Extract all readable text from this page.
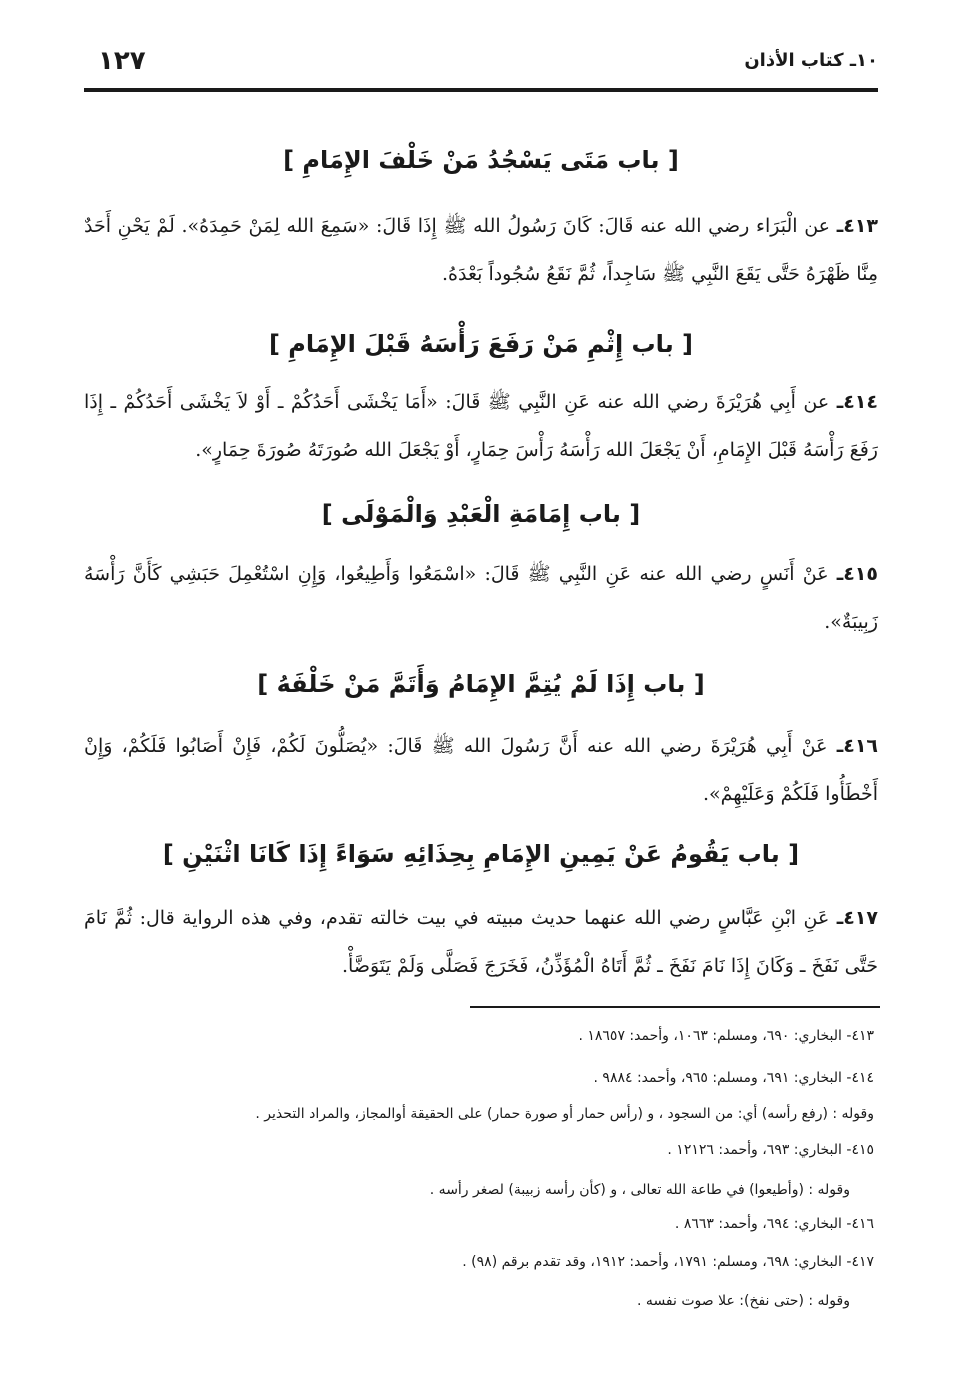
١٢٧	١٠ـ كتاب الأذان
[ باب مَتَى يَسْجُدُ مَنْ خَلْفَ الإِمَامِ ]
٤١٣ـ عن الْبَرَاء رضي الله عنه قَالَ: كَانَ رَسُولُ الله ﷺ إِذَا قَالَ: «سَمِعَ الله لِمَنْ حَمِدَهُ». لَمْ يَحْنِ أَحَدٌ مِنَّا ظَهْرَهُ حَتَّى يَقَعَ النَّبِي ﷺ سَاجِداً، ثُمَّ نَقَعُ سُجُوداً بَعْدَهُ.
[ باب إِثْمِ مَنْ رَفَعَ رَأْسَهُ قَبْلَ الإِمَامِ ]
٤١٤ـ عن أَبِي هُرَيْرَةَ رضي الله عنه عَنِ النَّبِي ﷺ قَالَ: «أَمَا يَخْشَى أَحَدُكُمْ ـ أَوْ لاَ يَخْشَى أَحَدُكُمْ ـ إِذَا رَفَعَ رَأْسَهُ قَبْلَ الإِمَامِ، أَنْ يَجْعَلَ الله رَأْسَهُ رَأْسَ حِمَارٍ، أَوْ يَجْعَلَ الله صُورَتَهُ صُورَةَ حِمَارٍ».
[ باب إِمَامَةِ الْعَبْدِ وَالْمَوْلَى ]
٤١٥ـ عَنْ أَنَسٍ رضي الله عنه عَنِ النَّبِي ﷺ قَالَ: «اسْمَعُوا وَأَطِيعُوا، وَإِنِ اسْتُعْمِلَ حَبَشِي كَأَنَّ رَأْسَهُ زَبِيبَةٌ».
[ باب إِذَا لَمْ يُتِمَّ الإِمَامُ وَأَتَمَّ مَنْ خَلْفَهُ ]
٤١٦ـ عَنْ أَبِي هُرَيْرَةَ رضي الله عنه أَنَّ رَسُولَ الله ﷺ قَالَ: «يُصَلُّونَ لَكُمْ، فَإِنْ أَصَابُوا فَلَكُمْ، وَإِنْ أَخْطَأُوا فَلَكُمْ وَعَلَيْهِمْ».
[ باب يَقُومُ عَنْ يَمِينِ الإِمَامِ بِحِذَائِهِ سَوَاءً إِذَا كَانَا اثْنَيْنِ ]
٤١٧ـ عَنِ ابْنِ عَبَّاسٍ رضي الله عنهما حديث مبيته في بيت خالته تقدم، وفي هذه الرواية قال: ثُمَّ نَامَ حَتَّى نَفَخَ ـ وَكَانَ إِذَا نَامَ نَفَخَ ـ ثُمَّ أَتَاهُ الْمُؤَذِّنُ، فَخَرَجَ فَصَلَّى وَلَمْ يَتَوَضَّأْ.
٤١٣- البخاري: ٦٩٠، ومسلم: ١٠٦٣، وأحمد: ١٨٦٥٧ .
٤١٤- البخاري: ٦٩١، ومسلم: ٩٦٥، وأحمد: ٩٨٨٤ .
وقوله : (رفع رأسه) أي: من السجود ، و (رأس حمار أو صورة حمار) على الحقيقة أوالمجاز، والمراد التحذير .
٤١٥- البخاري: ٦٩٣، وأحمد: ١٢١٢٦ .
وقوله : (وأطيعوا) في طاعة الله تعالى ، و (كأن رأسه زبيبة) لصغر رأسه .
٤١٦- البخاري: ٦٩٤، وأحمد: ٨٦٦٣ .
٤١٧- البخاري: ٦٩٨، ومسلم: ١٧٩١، وأحمد: ١٩١٢، وقد تقدم برقم (٩٨) .
وقوله : (حتى نفخ): علا صوت نفسه .
